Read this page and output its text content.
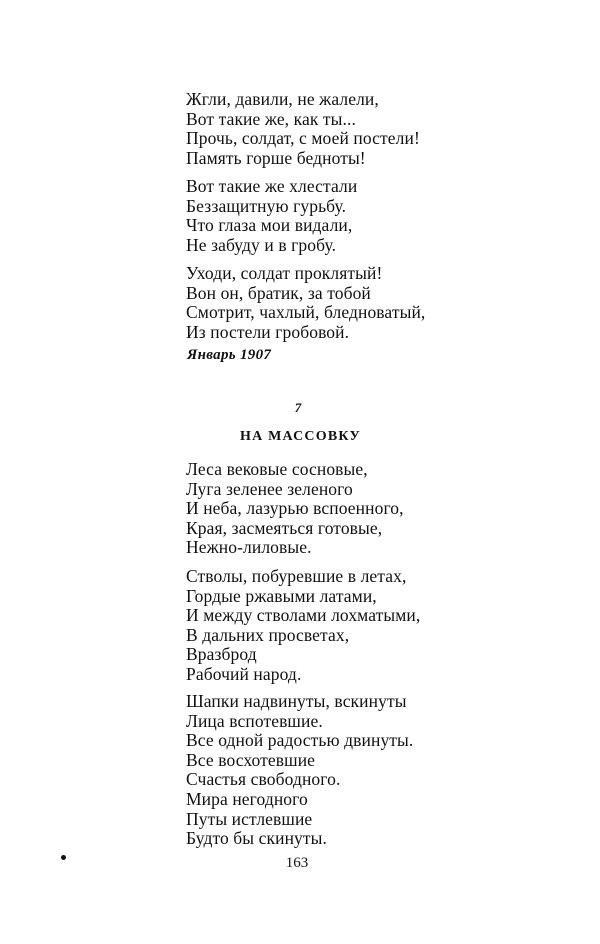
Жгли, давили, не жалели,
Вот такие же, как ты...
Прочь, солдат, с моей постели!
Память горше бедноты!
Вот такие же хлестали
Беззащитную гурьбу.
Что глаза мои видали,
Не забуду и в гробу.
Уходи, солдат проклятый!
Вон он, братик, за тобой
Смотрит, чахлый, бледноватый,
Из постели гробовой.
Январь 1907
7
НА МАССОВКУ
Леса вековые сосновые,
Луга зеленее зеленого
И неба, лазурью вспоенного,
Края, засмеяться готовые,
Нежно-лиловые.
Стволы, побуревшие в летах,
Гордые ржавыми латами,
И между стволами лохматыми,
В дальних просветах,
Вразброд
Рабочий народ.
Шапки надвинуты, вскинуты
Лица вспотевшие.
Все одной радостью двинуты.
Все восхотевшие
Счастья свободного.
Мира негодного
Путы истлевшие
Будто бы скинуты.
163
